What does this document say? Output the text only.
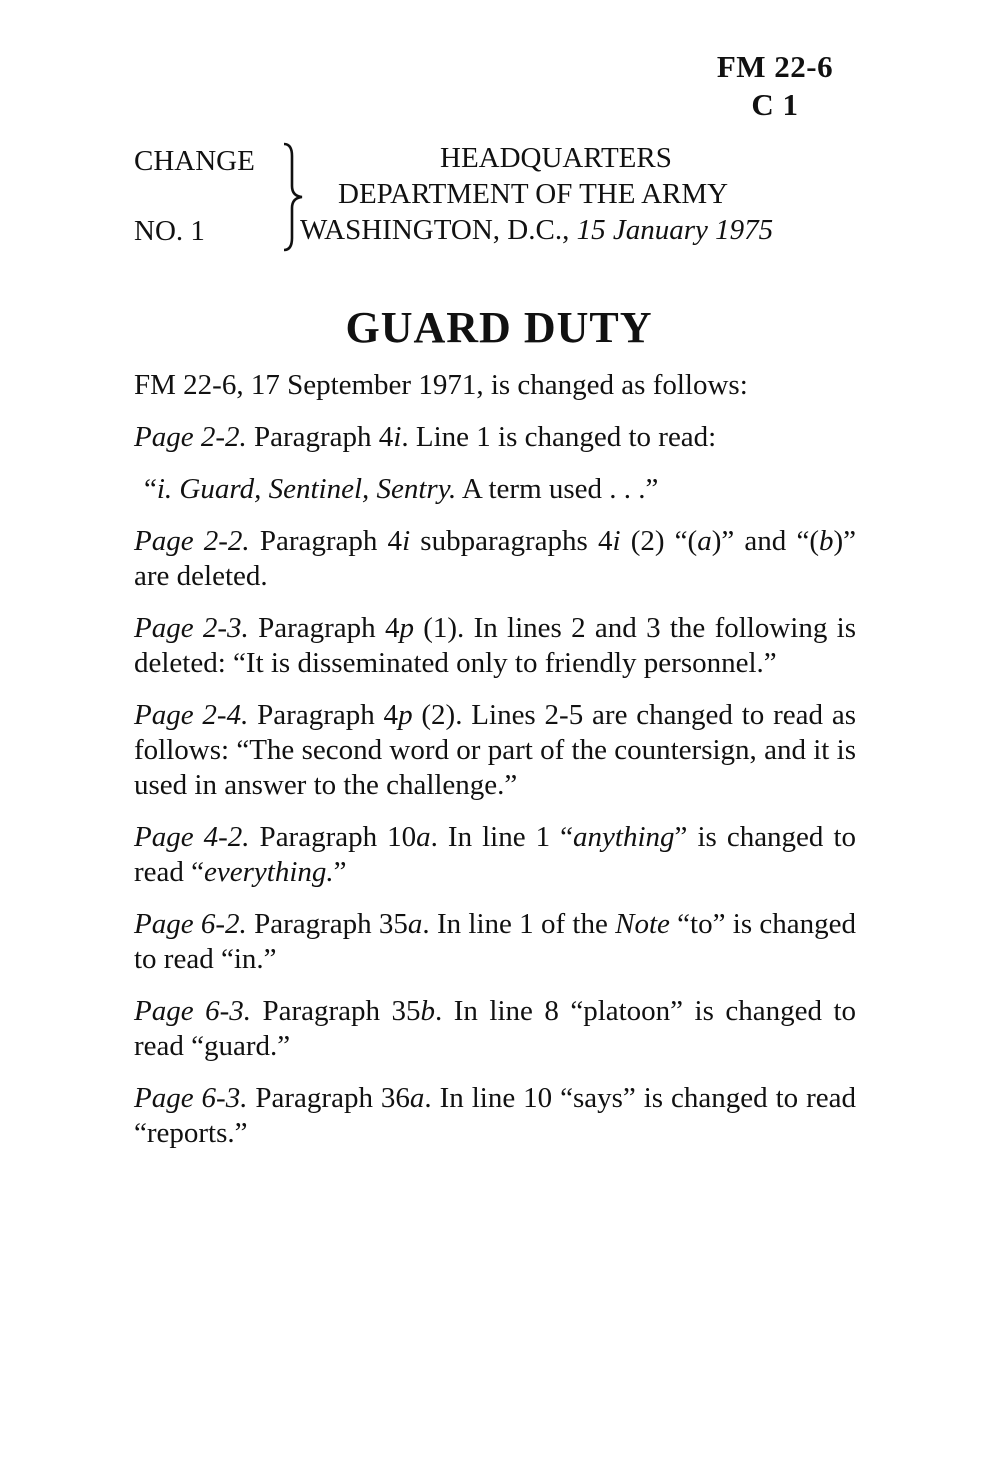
FM 22-6
C 1
CHANGE
NO. 1
HEADQUARTERS
DEPARTMENT OF THE ARMY
WASHINGTON, D.C., 15 January 1975
GUARD DUTY

FM 22-6, 17 September 1971, is changed as follows:

Page 2-2. Paragraph 4i. Line 1 is changed to read:

“i. Guard, Sentinel, Sentry. A term used . . .”

Page 2-2. Paragraph 4i subparagraphs 4i (2) “(a)” and “(b)” are deleted.

Page 2-3. Paragraph 4p (1). In lines 2 and 3 the following is deleted: “It is disseminated only to friendly personnel.”

Page 2-4. Paragraph 4p (2). Lines 2-5 are changed to read as follows: “The second word or part of the countersign, and it is used in answer to the challenge.”

Page 4-2. Paragraph 10a. In line 1 “anything” is changed to read “everything.”

Page 6-2. Paragraph 35a. In line 1 of the Note “to” is changed to read “in.”

Page 6-3. Paragraph 35b. In line 8 “platoon” is changed to read “guard.”

Page 6-3. Paragraph 36a. In line 10 “says” is changed to read “reports.”
